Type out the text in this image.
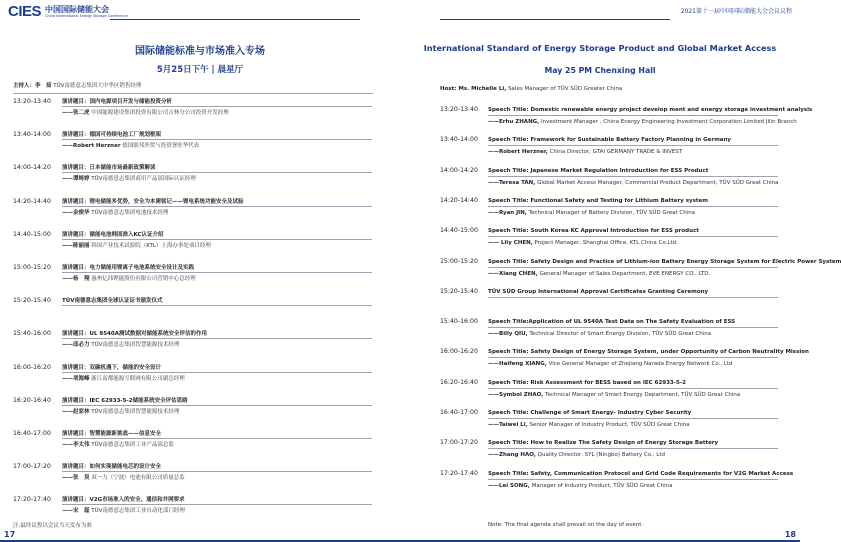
CIES 中国国际储能大会
China International Energy Storage Conference
2021第十一届中国国际储能大会会议议程
国际储能标准与市场准入专场
5月25日下午 | 晨星厅
主持人：李　茹 TÜV南德意志集团大中华区销售经理
13:20-13:40 演讲题目：国内电源项目开发与储能投资分析
——张二虎 中国能源建设集团投资有限公司吉林分公司投资开发经理
13:40-14:00 演讲题目：德国可持续电池工厂规划框架
——Robert Herzner 德国联邦外贸与投资署驻华代表
14:00-14:20 演讲题目：日本储能市场最新政策解读
——谭绮婷 TÜV南德意志集团商用产品部国际认证经理
14:20-14:40 演讲题目：锂电储能多优势，安全为本需铭记——锂电系统功能安全及试验
——金俊华 TÜV南德意志集团电池技术经理
14:40-15:00 演讲题目：储能电池韩国准入KC认证介绍
——陈丽丽 韩国产业技术试验院（KTL）上海办事处项目经理
15:00-15:20 演讲题目：电力储能用锂离子电池系统安全设计及实践
——杨　翔 惠州亿纬锂能股份有限公司营销中心总经理
15:20-15:40 TÜV南德意志集团全球认证证书颁发仪式
15:40-16:00 演讲题目：UL 9540A测试数据对储能系统安全评估的作用
——邱必力 TÜV南德意志集团智慧能源技术经理
16:00-16:20 演讲题目：双碳机遇下，储能的安全设计
——项海峰 浙江南都能源互联网有限公司副总经理
16:20-16:40 演讲题目：IEC 62933-5-2储能系统安全评估思路
——赵家林 TÜV南德意志集团智慧能源技术经理
16:40-17:00 演讲题目：智慧能源新挑战——信息安全
——李太伟 TÜV南德意志集团工业产品部总监
17:00-17:20 演讲题目：如何实现储能电芯的设计安全
——张　昊 双一力（宁波）电池有限公司质量总监
17:20-17:40 演讲题目：V2G市场准入的安全、通信和并网要求
——宋　磊 TÜV南德意志集团工业自动化部门经理
注:最终议程以会议当天发布为准
17
International Standard of Energy Storage Product and Global Market Access
May 25 PM Chenxing Hall
Host: Ms. Michelle Li, Sales Manager of TÜV SÜD Greater China
13:20-13:40 Speech Title: Domestic renewable energy project develop ment and energy storage investment analysis
——Erhu ZHANG, Investment Manager , China Energy Engineering Investment Corporation Limited Jilin Branch
13:40-14:00 Speech Title: Framework for Sustainable Battery Factory Planning in Germany
——Robert Herzner, China Director, GTAI GERMANY TRADE & INVEST
14:00-14:20 Speech Title: Japanese Market Regulation Introduction for ESS Product
——Teresa TAN, Global Market Access Manager, Commercial Product Department, TÜV SÜD Great China
14:20-14:40 Speech Title: Functional Safety and Testing for Lithium Battery system
——Ryan JIN, Technical Manager of Battery Division, TÜV SÜD Great China
14:40-15:00 Speech Title: South Korea KC Approval Introduction for ESS product
—— Lily CHEN, Project Manager, Shanghai Office, KTL China Co.Ltd.
15:00-15:20 Speech Title: Safety Design and Practice of Lithium-ion Battery Energy Storage System for Electric Power System
——Xiang CHEN, General Manager of Sales Department, EVE ENERGY CO., LTD.
15:20-15:40 TÜV SÜD Group International Approval Certificates Granting Ceremony
15:40-16:00 Speech Title:Application of UL 9540A Test Data on The Safety Evaluation of ESS
——Billy QIU, Technical Director of Smart Energy Division, TÜV SÜD Great China
16:00-16:20 Speech Title: Safety Design of Energy Storage System, under Opportunity of Carbon Neutrality Mission
——Haifeng XIANG, Vice General Manager of Zhejiang Narada Energy Network Co., Ltd
16:20-16:40 Speech Title: Risk Assessment for BESS based on IEC 62933-5-2
——Symbol ZHAO, Technical Manager of Smart Energy Department, TÜV SÜD Great China
16:40-17:00 Speech Title: Challenge of Smart Energy- Industry Cyber Security
——Taiwei Li, Senior Manager of Industry Product, TÜV SÜD Great China
17:00-17:20 Speech Title: How to Realize The Safety Design of Energy Storage Battery
——Zhang HAO, Quality Director, SYL (Ningbo) Battery Co., Ltd
17:20-17:40 Speech Title: Safety, Communication Protocol and Grid Code Requirements for V2G Market Access
——Lei SONG, Manager of Industry Product, TÜV SÜD Great China
Note: The final agenda shall prevail on the day of event.
18
